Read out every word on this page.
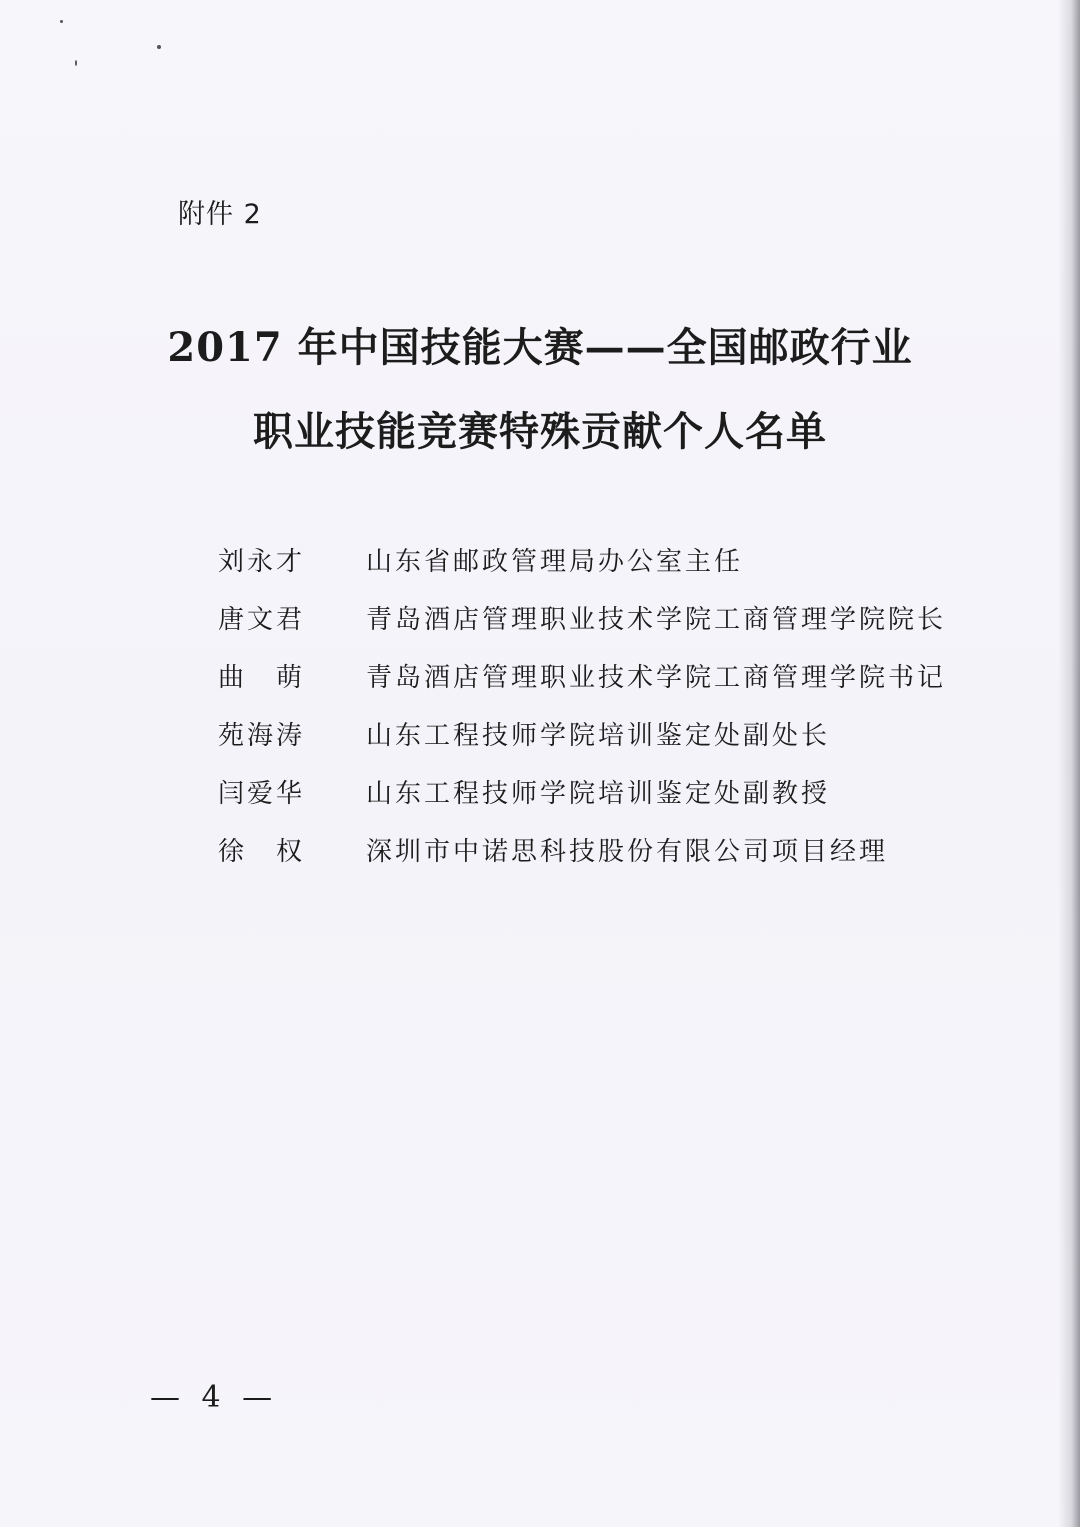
附件 2
2017 年中国技能大赛——全国邮政行业
职业技能竞赛特殊贡献个人名单
刘永才	山东省邮政管理局办公室主任
唐文君	青岛酒店管理职业技术学院工商管理学院院长
曲萌	青岛酒店管理职业技术学院工商管理学院书记
苑海涛	山东工程技师学院培训鉴定处副处长
闫爱华	山东工程技师学院培训鉴定处副教授
徐权	深圳市中诺思科技股份有限公司项目经理
— 4 —
